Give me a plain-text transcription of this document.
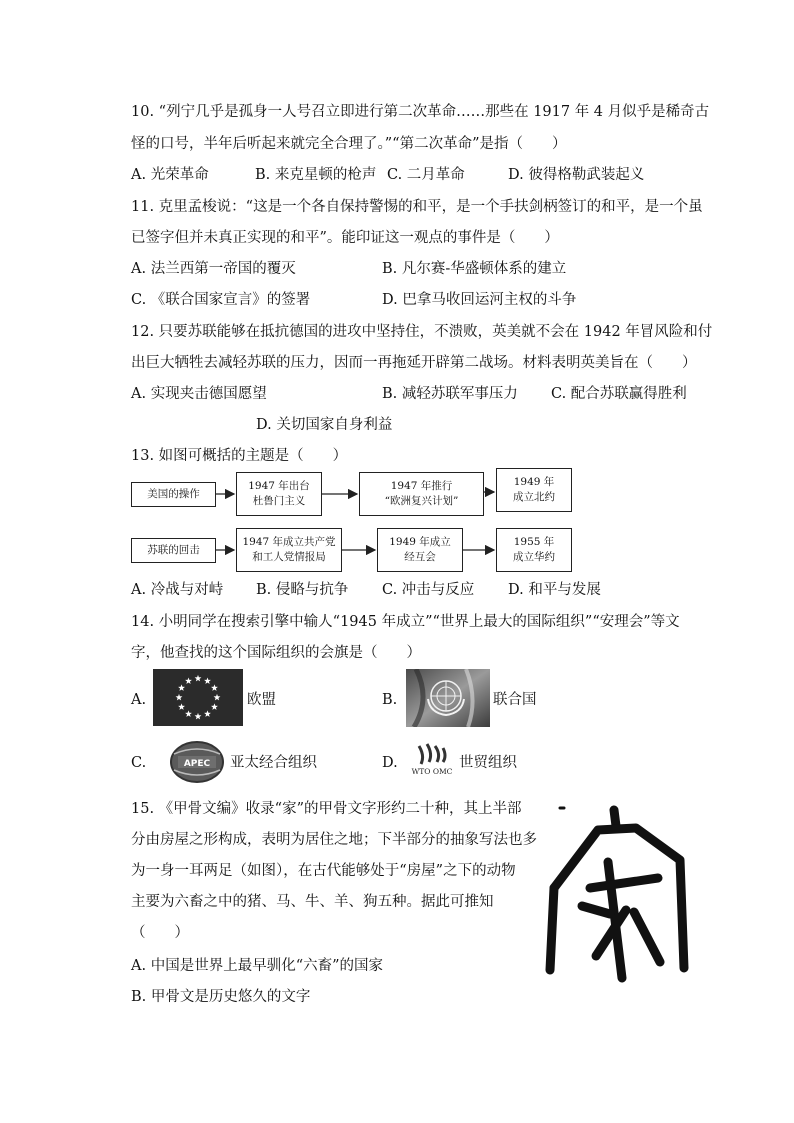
10. “列宁几乎是孤身一人号召立即进行第二次革命……那些在 1917 年 4 月似乎是稀奇古
怪的口号，半年后听起来就完全合理了。”“第二次革命”是指（　　）
A. 光荣革命	B. 来克星顿的枪声 C. 二月革命	D. 彼得格勒武装起义
11. 克里孟梭说：“这是一个各自保持警惕的和平，是一个手扶剑柄签订的和平，是一个虽
已签字但并未真正实现的和平”。能印证这一观点的事件是（　　）
A. 法兰西第一帝国的覆灭	B. 凡尔赛-华盛顿体系的建立
C. 《联合国家宣言》的签署	D. 巴拿马收回运河主权的斗争
12. 只要苏联能够在抵抗德国的进攻中坚持住，不溃败，英美就不会在 1942 年冒风险和付
出巨大牺牲去减轻苏联的压力，因而一再拖延开辟第二战场。材料表明英美旨在（　　）
A. 实现夹击德国愿望	B. 减轻苏联军事压力 C. 配合苏联赢得胜利
D. 关切国家自身利益
13. 如图可概括的主题是（　　）
美国的操作
1947 年出台
杜鲁门主义
1947 年推行
“欧洲复兴计划”
1949 年
成立北约
苏联的回击
1947 年成立共产党
和工人党情报局
1949 年成立
经互会
1955 年
成立华约
A. 冷战与对峙 B. 侵略与抗争 C. 冲击与反应 D. 和平与发展
14. 小明同学在搜索引擎中输人“1945 年成立”“世界上最大的国际组织”“安理会”等文
字，他查找的这个国际组织的会旗是（　　）
A.	欧盟	B.	联合国
C.	APEC 亚太经合组织	D.
WTO OMC
世贸组织
15. 《甲骨文编》收录“家”的甲骨文字形约二十种，其上半部
分由房屋之形构成，表明为居住之地；下半部分的抽象写法也多
为一身一耳两足（如图），在古代能够处于“房屋”之下的动物
主要为六畜之中的猪、马、牛、羊、狗五种。据此可推知
（　　）
A. 中国是世界上最早驯化“六畜”的国家
B. 甲骨文是历史悠久的文字
